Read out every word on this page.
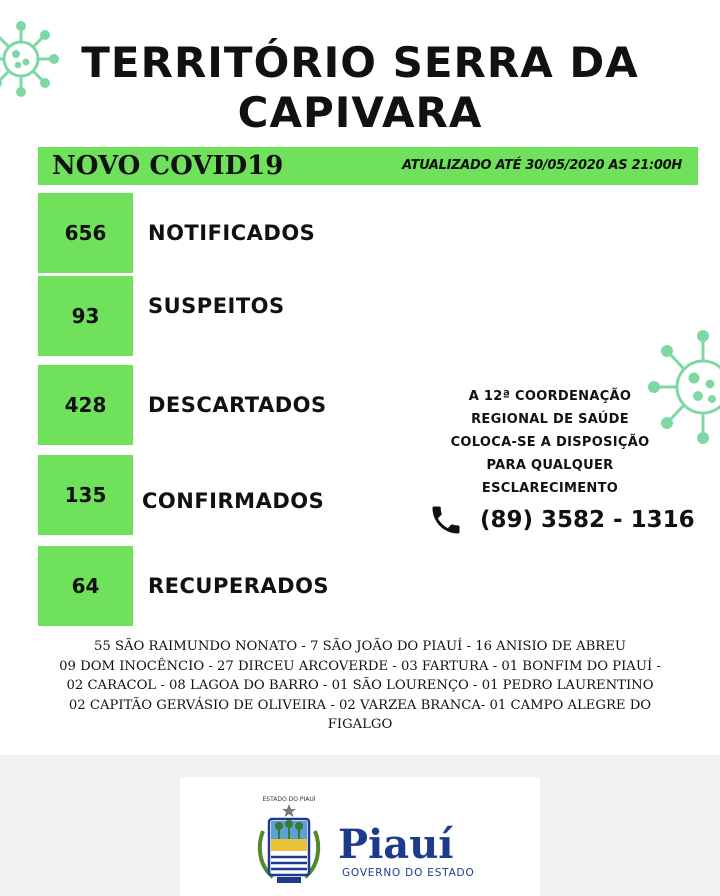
TERRITÓRIO SERRA DA
CAPIVARA
NOVO COVID19	ATUALIZADO ATÉ 30/05/2020 AS 21:00H
656	NOTIFICADOS
93	SUSPEITOS
428	DESCARTADOS
135	CONFIRMADOS
64	RECUPERADOS
A 12ª COORDENAÇÃO
REGIONAL DE SAÚDE
COLOCA-SE A DISPOSIÇÃO
PARA QUALQUER
ESCLARECIMENTO
(89) 3582 - 1316
55 SÃO RAIMUNDO NONATO - 7 SÃO JOÃO DO PIAUÍ - 16 ANISIO DE ABREU
09 DOM INOCÊNCIO - 27 DIRCEU ARCOVERDE - 03 FARTURA - 01 BONFIM DO PIAUÍ -
02 CARACOL - 08 LAGOA DO BARRO - 01 SÃO LOURENÇO - 01 PEDRO LAURENTINO
02 CAPITÃO GERVÁSIO DE OLIVEIRA - 02 VARZEA BRANCA- 01 CAMPO ALEGRE DO
FIGALGO
ESTADO DO PIAUÍ
Piauí
GOVERNO DO ESTADO
